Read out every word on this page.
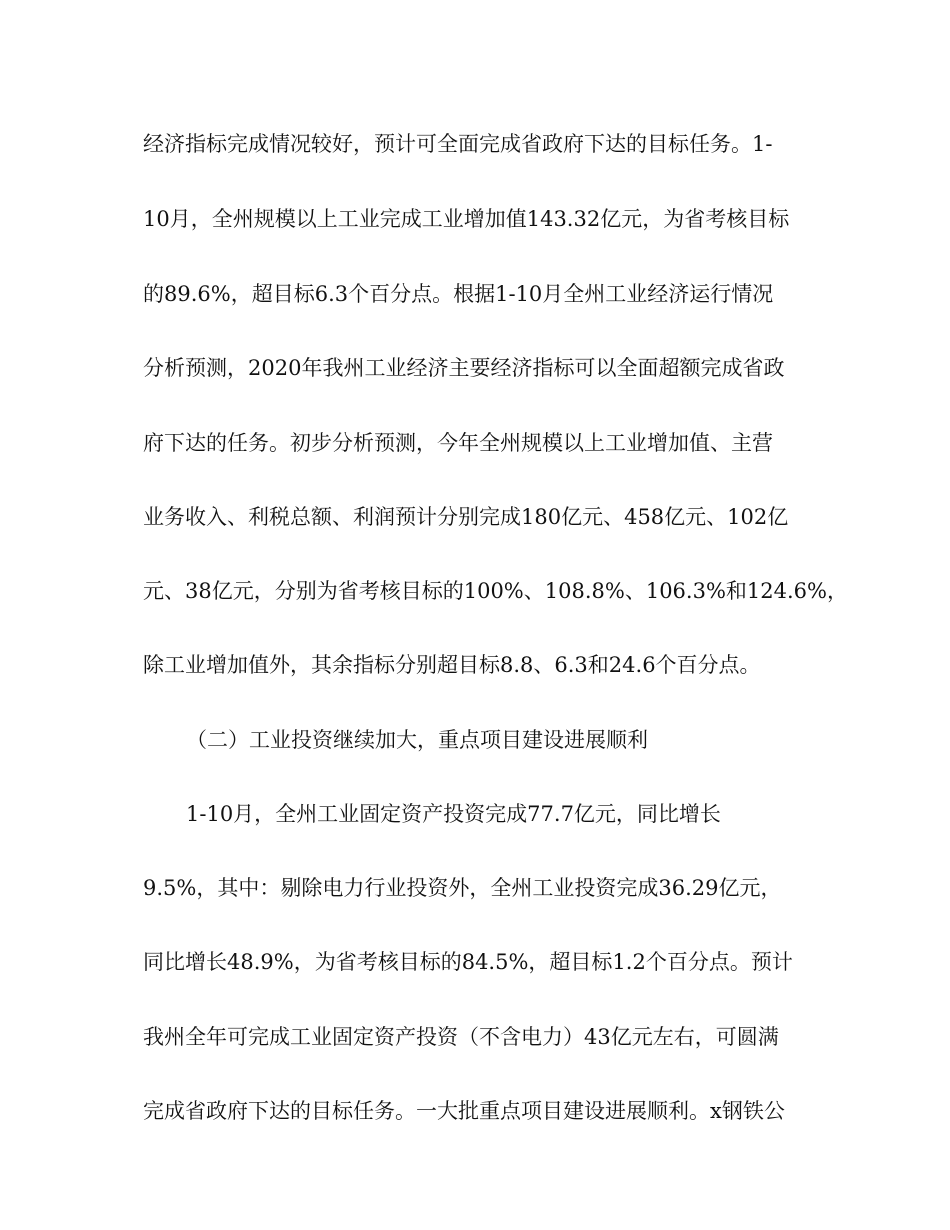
经济指标完成情况较好，预计可全面完成省政府下达的目标任务。1-
10月，全州规模以上工业完成工业增加值143.32亿元，为省考核目标
的89.6%，超目标6.3个百分点。根据1-10月全州工业经济运行情况
分析预测，2020年我州工业经济主要经济指标可以全面超额完成省政
府下达的任务。初步分析预测，今年全州规模以上工业增加值、主营
业务收入、利税总额、利润预计分别完成180亿元、458亿元、102亿
元、38亿元，分别为省考核目标的100%、108.8%、106.3%和124.6%，
除工业增加值外，其余指标分别超目标8.8、6.3和24.6个百分点。
（二）工业投资继续加大，重点项目建设进展顺利
1-10月，全州工业固定资产投资完成77.7亿元，同比增长
9.5%，其中：剔除电力行业投资外，全州工业投资完成36.29亿元，
同比增长48.9%，为省考核目标的84.5%，超目标1.2个百分点。预计
我州全年可完成工业固定资产投资（不含电力）43亿元左右，可圆满
完成省政府下达的目标任务。一大批重点项目建设进展顺利。x钢铁公
